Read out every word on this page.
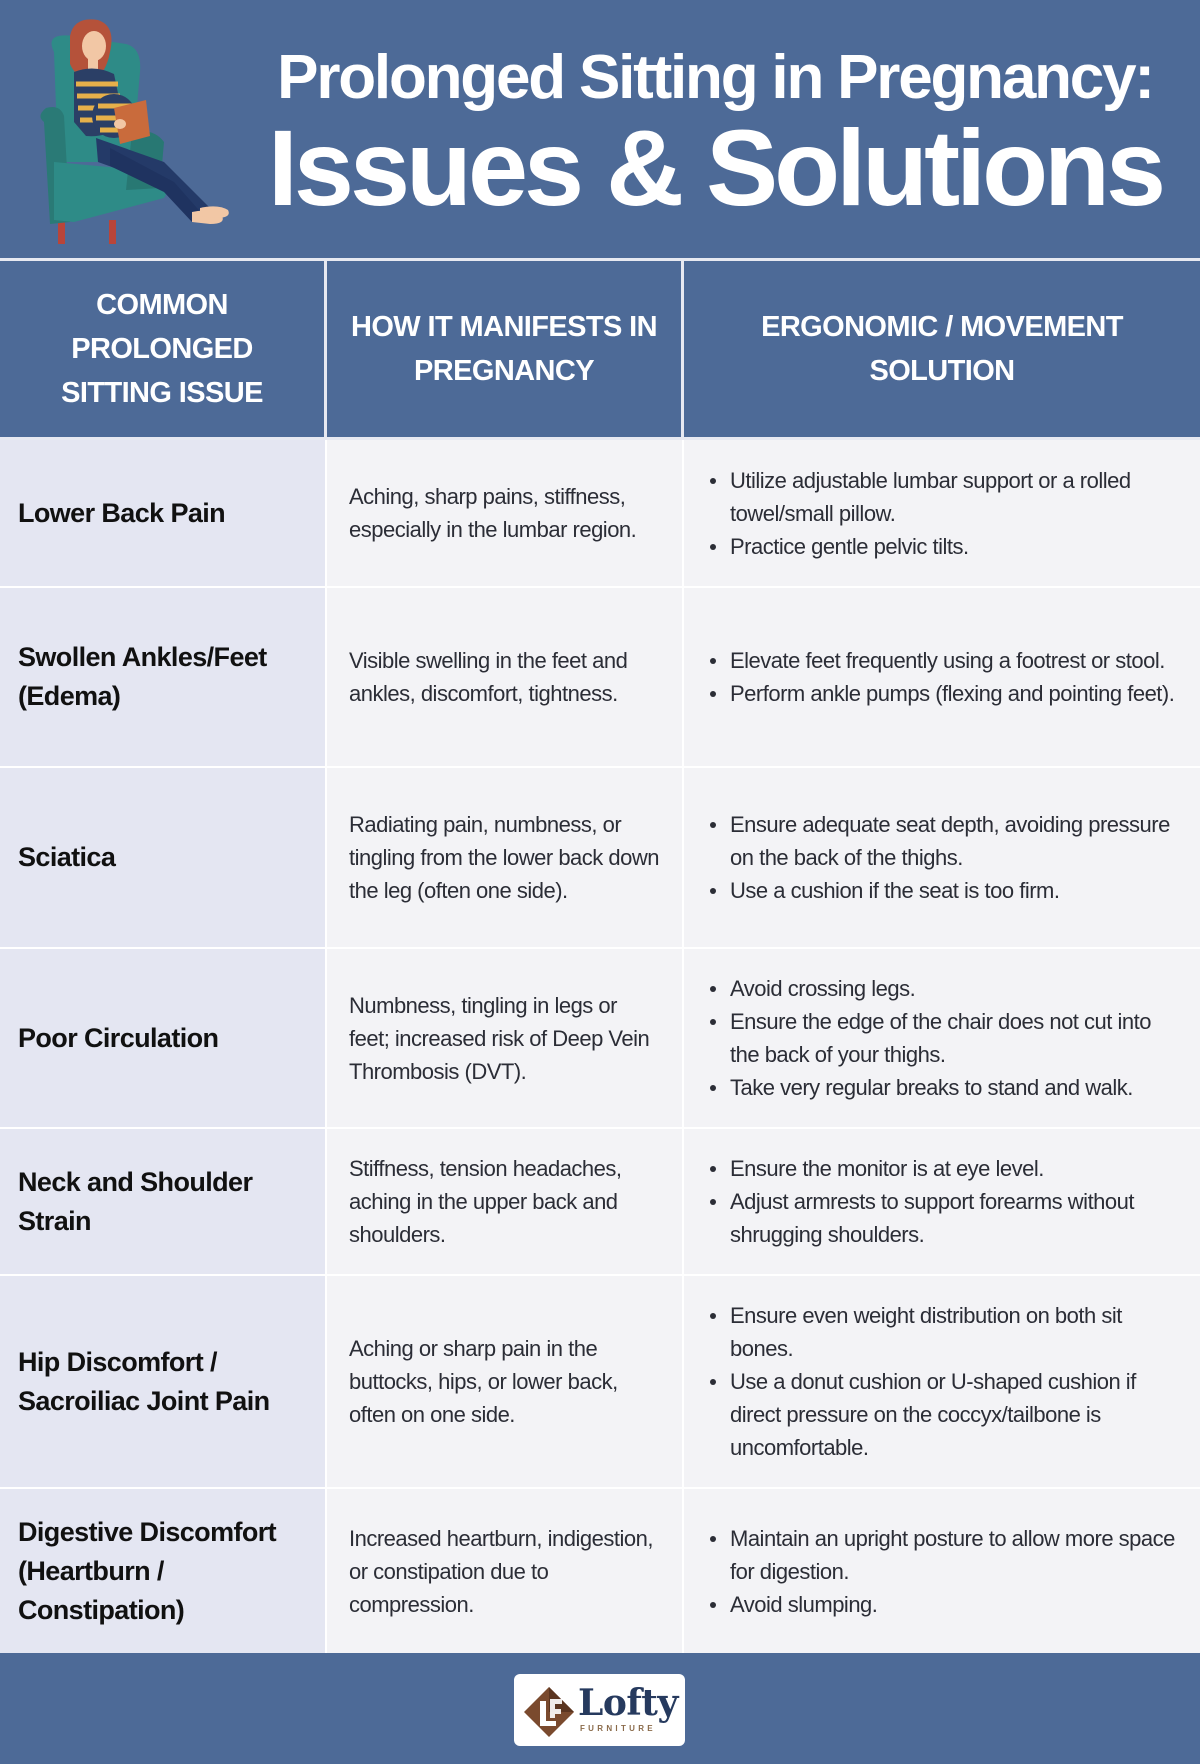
Prolonged Sitting in Pregnancy:
Issues & Solutions
COMMON PROLONGED SITTING ISSUE
HOW IT MANIFESTS IN PREGNANCY
ERGONOMIC / MOVEMENT SOLUTION
Lower Back Pain
Aching, sharp pains, stiffness, especially in the lumbar region.
Utilize adjustable lumbar support or a rolled towel/small pillow.
Practice gentle pelvic tilts.
Swollen Ankles/Feet (Edema)
Visible swelling in the feet and ankles, discomfort, tightness.
Elevate feet frequently using a footrest or stool.
Perform ankle pumps (flexing and pointing feet).
Sciatica
Radiating pain, numbness, or tingling from the lower back down the leg (often one side).
Ensure adequate seat depth, avoiding pressure on the back of the thighs.
Use a cushion if the seat is too firm.
Poor Circulation
Numbness, tingling in legs or feet; increased risk of Deep Vein Thrombosis (DVT).
Avoid crossing legs.
Ensure the edge of the chair does not cut into the back of your thighs.
Take very regular breaks to stand and walk.
Neck and Shoulder Strain
Stiffness, tension headaches, aching in the upper back and shoulders.
Ensure the monitor is at eye level.
Adjust armrests to support forearms without shrugging shoulders.
Hip Discomfort / Sacroiliac Joint Pain
Aching or sharp pain in the buttocks, hips, or lower back, often on one side.
Ensure even weight distribution on both sit bones.
Use a donut cushion or U-shaped cushion if direct pressure on the coccyx/tailbone is uncomfortable.
Digestive Discomfort (Heartburn / Constipation)
Increased heartburn, indigestion, or constipation due to compression.
Maintain an upright posture to allow more space for digestion.
Avoid slumping.
Lofty
FURNITURE
